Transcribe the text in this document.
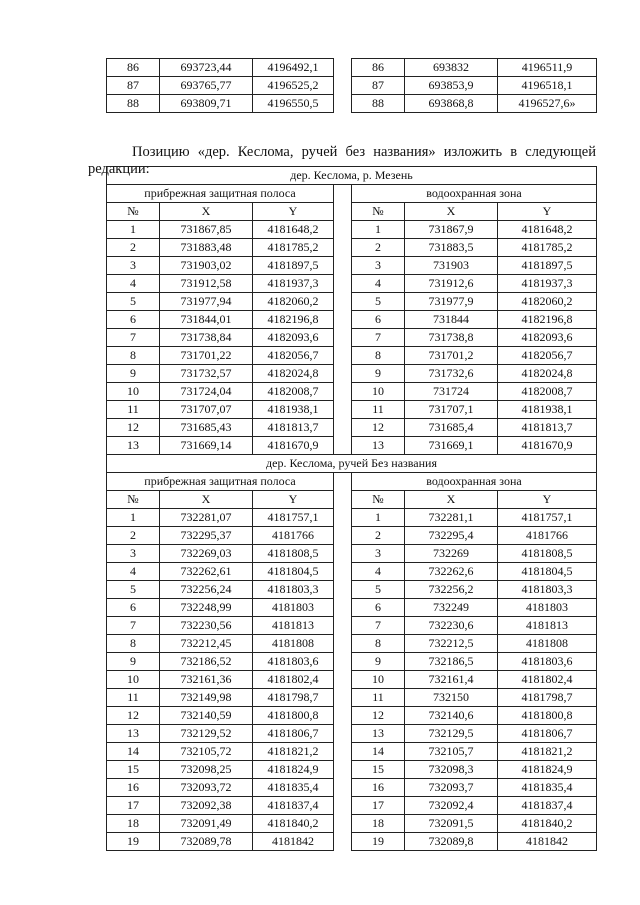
86	693723,44	4196492,1		86	693832	4196511,9
87	693765,77	4196525,2		87	693853,9	4196518,1
88	693809,71	4196550,5		88	693868,8	4196527,6»

Позицию «дер. Кеслома, ручей без названия» изложить в следующей редакции:	дер. Кеслома, р. Мезень						
прибрежная защитная полоса				водоохранная зона		
№	X	Y		№	X	Y
1	731867,85	4181648,2		1	731867,9	4181648,2
2	731883,48	4181785,2		2	731883,5	4181785,2
3	731903,02	4181897,5		3	731903	4181897,5
4	731912,58	4181937,3		4	731912,6	4181937,3
5	731977,94	4182060,2		5	731977,9	4182060,2
6	731844,01	4182196,8		6	731844	4182196,8
7	731738,84	4182093,6		7	731738,8	4182093,6
8	731701,22	4182056,7		8	731701,2	4182056,7
9	731732,57	4182024,8		9	731732,6	4182024,8
10	731724,04	4182008,7		10	731724	4182008,7
11	731707,07	4181938,1		11	731707,1	4181938,1
12	731685,43	4181813,7		12	731685,4	4181813,7
13	731669,14	4181670,9		13	731669,1	4181670,9
дер. Кеслома, ручей Без названия						
прибрежная защитная полоса				водоохранная зона		
№	X	Y		№	X	Y
1	732281,07	4181757,1		1	732281,1	4181757,1
2	732295,37	4181766		2	732295,4	4181766
3	732269,03	4181808,5		3	732269	4181808,5
4	732262,61	4181804,5		4	732262,6	4181804,5
5	732256,24	4181803,3		5	732256,2	4181803,3
6	732248,99	4181803		6	732249	4181803
7	732230,56	4181813		7	732230,6	4181813
8	732212,45	4181808		8	732212,5	4181808
9	732186,52	4181803,6		9	732186,5	4181803,6
10	732161,36	4181802,4		10	732161,4	4181802,4
11	732149,98	4181798,7		11	732150	4181798,7
12	732140,59	4181800,8		12	732140,6	4181800,8
13	732129,52	4181806,7		13	732129,5	4181806,7
14	732105,72	4181821,2		14	732105,7	4181821,2
15	732098,25	4181824,9		15	732098,3	4181824,9
16	732093,72	4181835,4		16	732093,7	4181835,4
17	732092,38	4181837,4		17	732092,4	4181837,4
18	732091,49	4181840,2		18	732091,5	4181840,2
19	732089,78	4181842		19	732089,8	4181842
